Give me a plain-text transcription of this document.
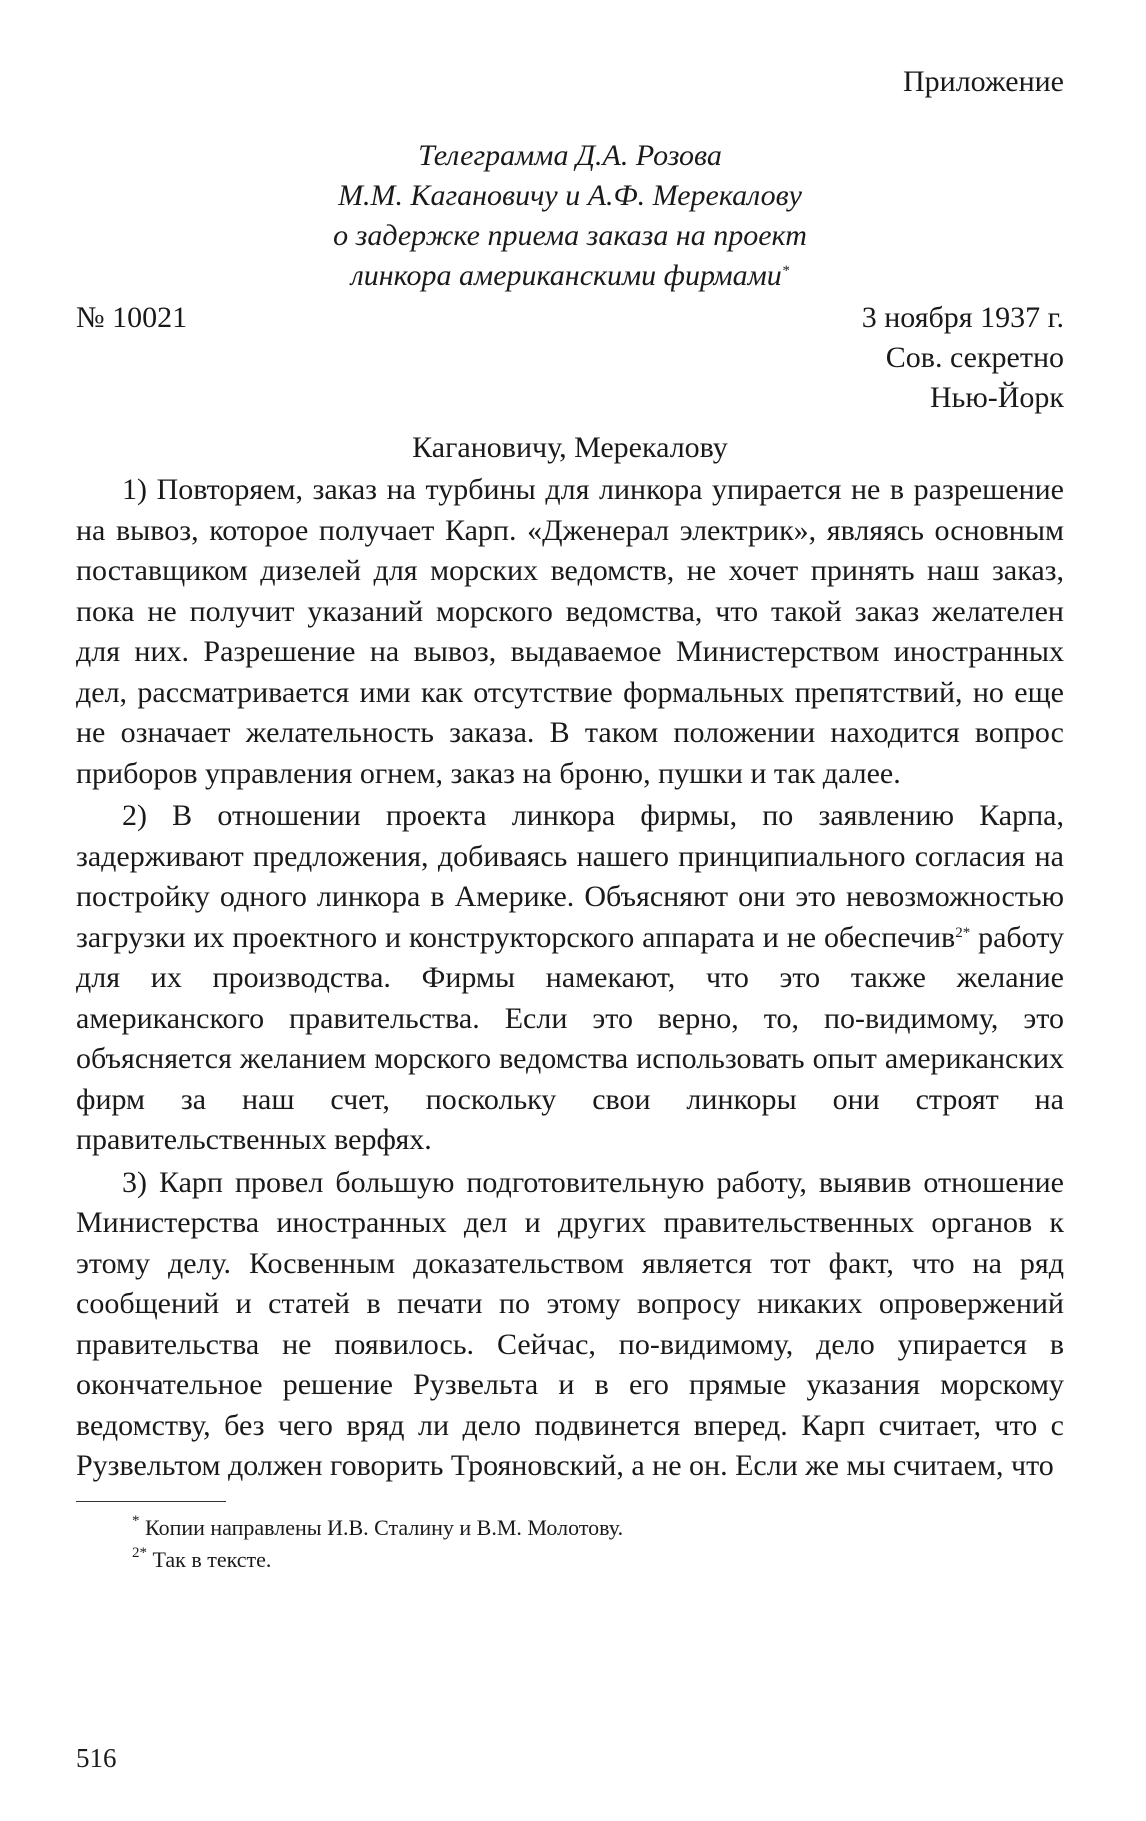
Приложение

Телеграмма Д.А. Розова
М.М. Кагановичу и А.Ф. Мерекалову
о задержке приема заказа на проект
линкора американскими фирмами*
№ 10021	3 ноября 1937 г.
Сов. секретно
Нью-Йорк
Кагановичу, Мерекалову

1) Повторяем, заказ на турбины для линкора упирается не в разрешение на вывоз, которое получает Карп. «Дженерал электрик», являясь основным поставщиком дизелей для морских ведомств, не хочет принять наш заказ, пока не получит указаний морского ведомства, что такой заказ желателен для них. Разрешение на вывоз, выдаваемое Министерством иностранных дел, рассматривается ими как отсутствие формальных препятствий, но еще не означает желательность заказа. В таком положении находится вопрос приборов управления огнем, заказ на броню, пушки и так далее.

2) В отношении проекта линкора фирмы, по заявлению Карпа, задерживают предложения, добиваясь нашего принципиального согласия на постройку одного линкора в Америке. Объясняют они это невозможностью загрузки их проектного и конструкторского аппарата и не обеспечив$^{2*}$ работу для их производства. Фирмы намекают, что это также желание американского правительства. Если это верно, то, по-видимому, это объясняется желанием морского ведомства использовать опыт американских фирм за наш счет, поскольку свои линкоры они строят на правительственных верфях.

3) Карп провел большую подготовительную работу, выявив отношение Министерства иностранных дел и других правительственных органов к этому делу. Косвенным доказательством является тот факт, что на ряд сообщений и статей в печати по этому вопросу никаких опровержений правительства не появилось. Сейчас, по-видимому, дело упирается в окончательное решение Рузвельта и в его прямые указания морскому ведомству, без чего вряд ли дело подвинется вперед. Карп считает, что с Рузвельтом должен говорить Трояновский, а не он. Если же мы считаем, что

* Копии направлены И.В. Сталину и В.М. Молотову.
$^{2*}$ Так в тексте.
516
